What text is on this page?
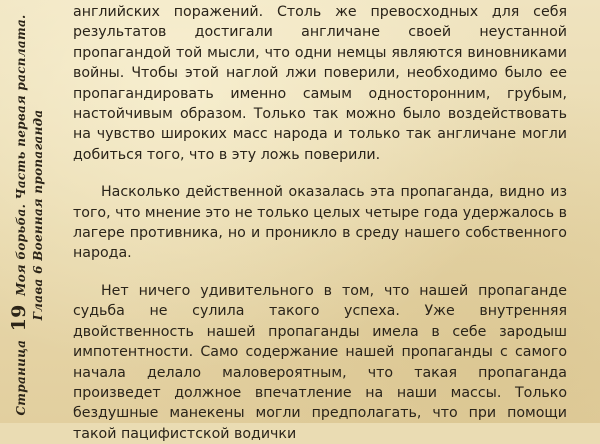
Страница 19 Моя борьба. Часть первая расплата. Глава 6 Военная пропаганда

английских поражений. Столь же превосходных для себя результатов достигали англичане своей неустанной пропагандой той мысли, что одни немцы являются виновниками войны. Чтобы этой наглой лжи поверили, необходимо было ее пропагандировать именно самым односторонним, грубым, настойчивым образом. Только так можно было воздействовать на чувство широких масс народа и только так англичане могли добиться того, что в эту ложь поверили.

Насколько действенной оказалась эта пропаганда, видно из того, что мнение это не только целых четыре года удержалось в лагере противника, но и проникло в среду нашего собственного народа.

Нет ничего удивительного в том, что нашей пропаганде судьба не сулила такого успеха. Уже внутренняя двойственность нашей пропаганды имела в себе зародыш импотентности. Само содержание нашей пропаганды с самого начала делало маловероятным, что такая пропаганда произведет должное впечатление на наши массы. Только бездушные манекены могли предполагать, что при помощи такой пацифистской водички
